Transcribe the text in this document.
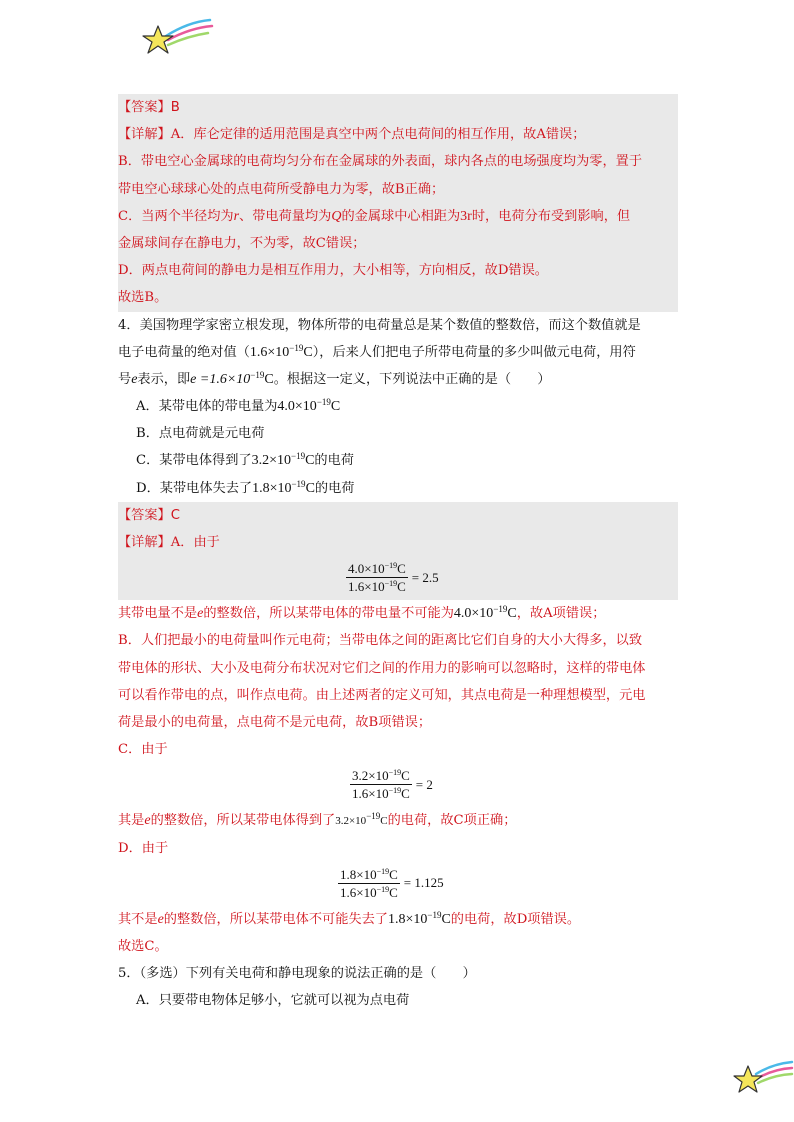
【答案】B
【详解】A．库仑定律的适用范围是真空中两个点电荷间的相互作用，故A错误；
B．带电空心金属球的电荷均匀分布在金属球的外表面，球内各点的电场强度均为零，置于
带电空心球球心处的点电荷所受静电力为零，故B正确；
C．当两个半径均为r、带电荷量均为Q的金属球中心相距为3r时，电荷分布受到影响，但
金属球间存在静电力，不为零，故C错误；
D．两点电荷间的静电力是相互作用力，大小相等，方向相反，故D错误。
故选B。
4．美国物理学家密立根发现，物体所带的电荷量总是某个数值的整数倍，而这个数值就是
电子电荷量的绝对值$(1.6\times 10^{-19}C)$，后来人们把电子所带电荷量的多少叫做元电荷，用符
号e表示，即$e =1.6\times 10^{-19}C$。根据这一定义，下列说法中正确的是（　　）
A．某带电体的带电量为$4.0\times 10^{-19}C$
B．点电荷就是元电荷
C．某带电体得到了$3.2\times 10^{-19}C$的电荷
D．某带电体失去了$1.8\times 10^{-19}C$的电荷
【答案】C
【详解】A．由于
$\frac{4.0\times 10^{-19}C}{1.6\times 10^{-19}C} = 2.5$
其带电量不是e的整数倍，所以某带电体的带电量不可能为$4.0\times 10^{-19}C$，故A项错误；
B．人们把最小的电荷量叫作元电荷；当带电体之间的距离比它们自身的大小大得多，以致
带电体的形状、大小及电荷分布状况对它们之间的作用力的影响可以忽略时，这样的带电体
可以看作带电的点，叫作点电荷。由上述两者的定义可知，其点电荷是一种理想模型，元电
荷是最小的电荷量，点电荷不是元电荷，故B项错误；
C．由于
$\frac{3.2\times 10^{-19}C}{1.6\times 10^{-19}C} = 2$
其是e的整数倍，所以某带电体得到了$3.2\times 10^{-19}C$的电荷，故C项正确；
D．由于
$\frac{1.8\times 10^{-19}C}{1.6\times 10^{-19}C} = 1.125$
其不是e的整数倍，所以某带电体不可能失去了$1.8\times 10^{-19}C$的电荷，故D项错误。
故选C。
5．（多选）下列有关电荷和静电现象的说法正确的是（　　）
A．只要带电物体足够小，它就可以视为点电荷
